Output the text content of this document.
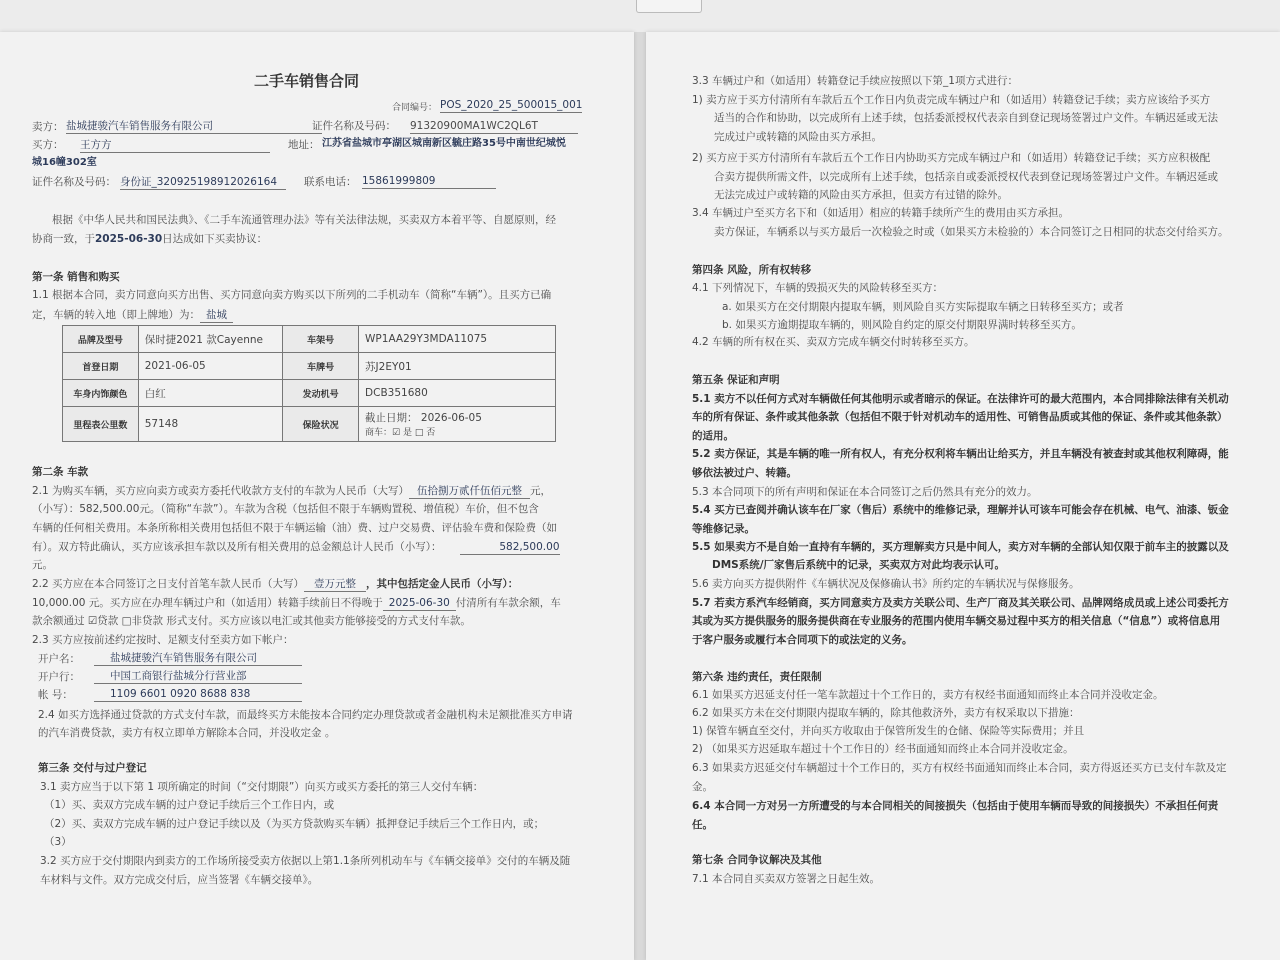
二手车销售合同
合同编号： POS_2020_25_500015_001
卖方： 盐城捷骏汽车销售服务有限公司	证件名称及号码： 91320900MA1WC2QL6T
买方： 王方方	地址： 江苏省盐城市亭湖区城南新区毓庄路35号中南世纪城悦
城16幢302室
证件名称及号码： 身份证_320925198912026164	联系电话： 15861999809
根据《中华人民共和国民法典》、《二手车流通管理办法》等有关法律法规，买卖双方本着平等、自愿原则，经
协商一致，于2025-06-30日达成如下买卖协议：
第一条 销售和购买
1.1 根据本合同，卖方同意向买方出售、买方同意向卖方购买以下所列的二手机动车（简称“车辆”）。且买方已确
定，车辆的转入地（即上牌地）为： 盐城
品牌及型号	保时捷2021 款Cayenne	车架号	WP1AA29Y3MDA11075
首登日期	2021-06-05	车牌号	苏J2EY01
车身内饰颜色	白红	发动机号	DCB351680
里程表公里数	57148	保险状况	截止日期： 2026-06-05
商车：☑ 是 □ 否
第二条 车款
2.1 为购买车辆，买方应向卖方或卖方委托代收款方支付的车款为人民币（大写） 伍拾捌万贰仟伍佰元整 元，
（小写）：582,500.00元。（简称“车款”）。车款为含税（包括但不限于车辆购置税、增值税）车价，但不包含
车辆的任何相关费用。本条所称相关费用包括但不限于车辆运输（油）费、过户交易费、评估验车费和保险费（如
有）。双方特此确认，买方应该承担车款以及所有相关费用的总金额总计人民币（小写）：	582,500.00
元。
2.2 买方应在本合同签订之日支付首笔车款人民币（大写） 壹万元整 ，其中包括定金人民币（小写）：
10,000.00 元。买方应在办理车辆过户和（如适用）转籍手续前日不得晚于 2025-06-30 付清所有车款余额，车
款余额通过 ☑贷款 □非贷款 形式支付。买方应该以电汇或其他卖方能够接受的方式支付车款。
2.3 买方应按前述约定按时、足额支付至卖方如下帐户：
开户名：	盐城捷骏汽车销售服务有限公司
开户行：	中国工商银行盐城分行营业部
帐 号：	1109 6601 0920 8688 838
2.4 如买方选择通过贷款的方式支付车款，而最终买方未能按本合同约定办理贷款或者金融机构未足额批准买方申请
的汽车消费贷款，卖方有权立即单方解除本合同，并没收定金 。
第三条 交付与过户登记
3.1 卖方应当于以下第 1 项所确定的时间（“交付期限”）向买方或买方委托的第三人交付车辆：
（1）买、卖双方完成车辆的过户登记手续后三个工作日内，或
（2）买、卖双方完成车辆的过户登记手续以及（为买方贷款购买车辆）抵押登记手续后三个工作日内，或；
（3）
3.2 买方应于交付期限内到卖方的工作场所接受卖方依据以上第1.1条所列机动车与《车辆交接单》交付的车辆及随
车材料与文件。双方完成交付后，应当签署《车辆交接单》。
3.3 车辆过户和（如适用）转籍登记手续应按照以下第_1项方式进行：
1) 卖方应于买方付清所有车款后五个工作日内负责完成车辆过户和（如适用）转籍登记手续；卖方应该给予买方
适当的合作和协助，以完成所有上述手续，包括委派授权代表亲自到登记现场签署过户文件。车辆迟延或无法
完成过户或转籍的风险由买方承担。
2) 买方应于买方付清所有车款后五个工作日内协助买方完成车辆过户和（如适用）转籍登记手续；买方应积极配
合卖方提供所需文件，以完成所有上述手续，包括亲自或委派授权代表到登记现场签署过户文件。车辆迟延或
无法完成过户或转籍的风险由买方承担，但卖方有过错的除外。
3.4 车辆过户至买方名下和（如适用）相应的转籍手续所产生的费用由买方承担。
卖方保证，车辆系以与买方最后一次检验之时或（如果买方未检验的）本合同签订之日相同的状态交付给买方。
第四条 风险，所有权转移
4.1 下列情况下，车辆的毁损灭失的风险转移至买方：
a. 如果买方在交付期限内提取车辆，则风险自买方实际提取车辆之日转移至买方；或者
b. 如果买方逾期提取车辆的，则风险自约定的原交付期限界满时转移至买方。
4.2 车辆的所有权在买、卖双方完成车辆交付时转移至买方。
第五条 保证和声明
5.1 卖方不以任何方式对车辆做任何其他明示或者暗示的保证。在法律许可的最大范围内，本合同排除法律有关机动
车的所有保证、条件或其他条款（包括但不限于针对机动车的适用性、可销售品质或其他的保证、条件或其他条款）
的适用。
5.2 卖方保证，其是车辆的唯一所有权人，有充分权利将车辆出让给买方，并且车辆没有被查封或其他权利障碍，能
够依法被过户、转籍。
5.3 本合同项下的所有声明和保证在本合同签订之后仍然具有充分的效力。
5.4 买方已查阅并确认该车在厂家（售后）系统中的维修记录，理解并认可该车可能会存在机械、电气、油漆、钣金
等维修记录。
5.5 如果卖方不是自始一直持有车辆的，买方理解卖方只是中间人，卖方对车辆的全部认知仅限于前车主的披露以及
DMS系统/厂家售后系统中的记录，买卖双方对此均表示认可。
5.6 卖方向买方提供附件《车辆状况及保修确认书》所约定的车辆状况与保修服务。
5.7 若卖方系汽车经销商，买方同意卖方及卖方关联公司、生产厂商及其关联公司、品牌网络成员或上述公司委托方
其或为买方提供服务的服务提供商在专业服务的范围内使用车辆交易过程中买方的相关信息（“信息”）或将信息用
于客户服务或履行本合同项下的或法定的义务。
第六条 违约责任，责任限制
6.1 如果买方迟延支付任一笔车款超过十个工作日的，卖方有权经书面通知而终止本合同并没收定金。
6.2 如果买方未在交付期限内提取车辆的，除其他救济外，卖方有权采取以下措施：
1) 保管车辆直至交付，并向买方收取由于保管所发生的仓储、保险等实际费用；并且
2) （如果买方迟延取车超过十个工作日的）经书面通知而终止本合同并没收定金。
6.3 如果卖方迟延交付车辆超过十个工作日的，买方有权经书面通知而终止本合同，卖方得返还买方已支付车款及定
金。
6.4 本合同一方对另一方所遭受的与本合同相关的间接损失（包括由于使用车辆而导致的间接损失）不承担任何责
任。
第七条 合同争议解决及其他
7.1 本合同自买卖双方签署之日起生效。
